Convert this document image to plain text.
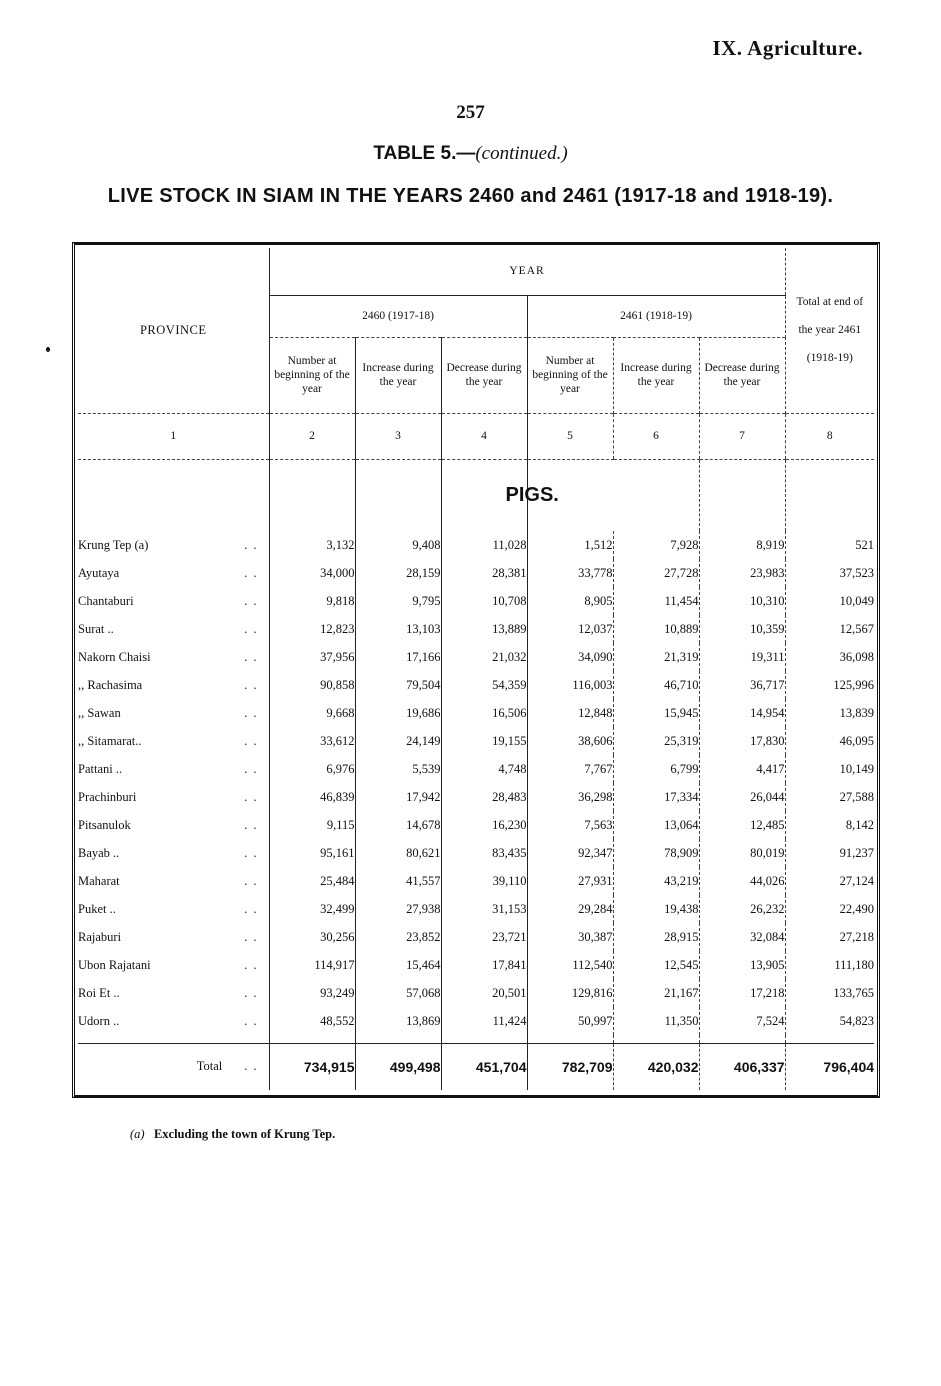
IX. Agriculture.
257
TABLE 5.—(continued.)
LIVE STOCK IN SIAM IN THE YEARS 2460 and 2461 (1917-18 and 1918-19).
PROVINCE	YEAR						Total at end of the year 2461 (1918-19)
	2460 (1917-18)			2461 (1918-19)			
	Number at beginning of the year	Increase during the year	Decrease during the year	Number at beginning of the year	Increase during the year	Decrease during the year	
1	2	3	4	5	6	7	8
				PIGS.			

Krung Tep (a) ..	3,132	9,408	11,028	1,512	7,928	8,919	521

Ayutaya ..	34,000	28,159	28,381	33,778	27,728	23,983	37,523

Chantaburi ..	9,818	9,795	10,708	8,905	11,454	10,310	10,049

Surat .. ..	12,823	13,103	13,889	12,037	10,889	10,359	12,567

Nakorn Chaisi ..	37,956	17,166	21,032	34,090	21,319	19,311	36,098

,, Rachasima ..	90,858	79,504	54,359	116,003	46,710	36,717	125,996

,, Sawan ..	9,668	19,686	16,506	12,848	15,945	14,954	13,839

,, Sitamarat.. ..	33,612	24,149	19,155	38,606	25,319	17,830	46,095

Pattani .. ..	6,976	5,539	4,748	7,767	6,799	4,417	10,149

Prachinburi ..	46,839	17,942	28,483	36,298	17,334	26,044	27,588

Pitsanulok ..	9,115	14,678	16,230	7,563	13,064	12,485	8,142

Bayab .. ..	95,161	80,621	83,435	92,347	78,909	80,019	91,237

Maharat ..	25,484	41,557	39,110	27,931	43,219	44,026	27,124

Puket .. ..	32,499	27,938	31,153	29,284	19,438	26,232	22,490

Rajaburi ..	30,256	23,852	23,721	30,387	28,915	32,084	27,218

Ubon Rajatani ..	114,917	15,464	17,841	112,540	12,545	13,905	111,180

Roi Et .. ..	93,249	57,068	20,501	129,816	21,167	17,218	133,765

Udorn .. ..	48,552	13,869	11,424	50,997	11,350	7,524	54,823

Total ..	734,915	499,498	451,704	782,709	420,032	406,337	796,404
(a) Excluding the town of Krung Tep.
